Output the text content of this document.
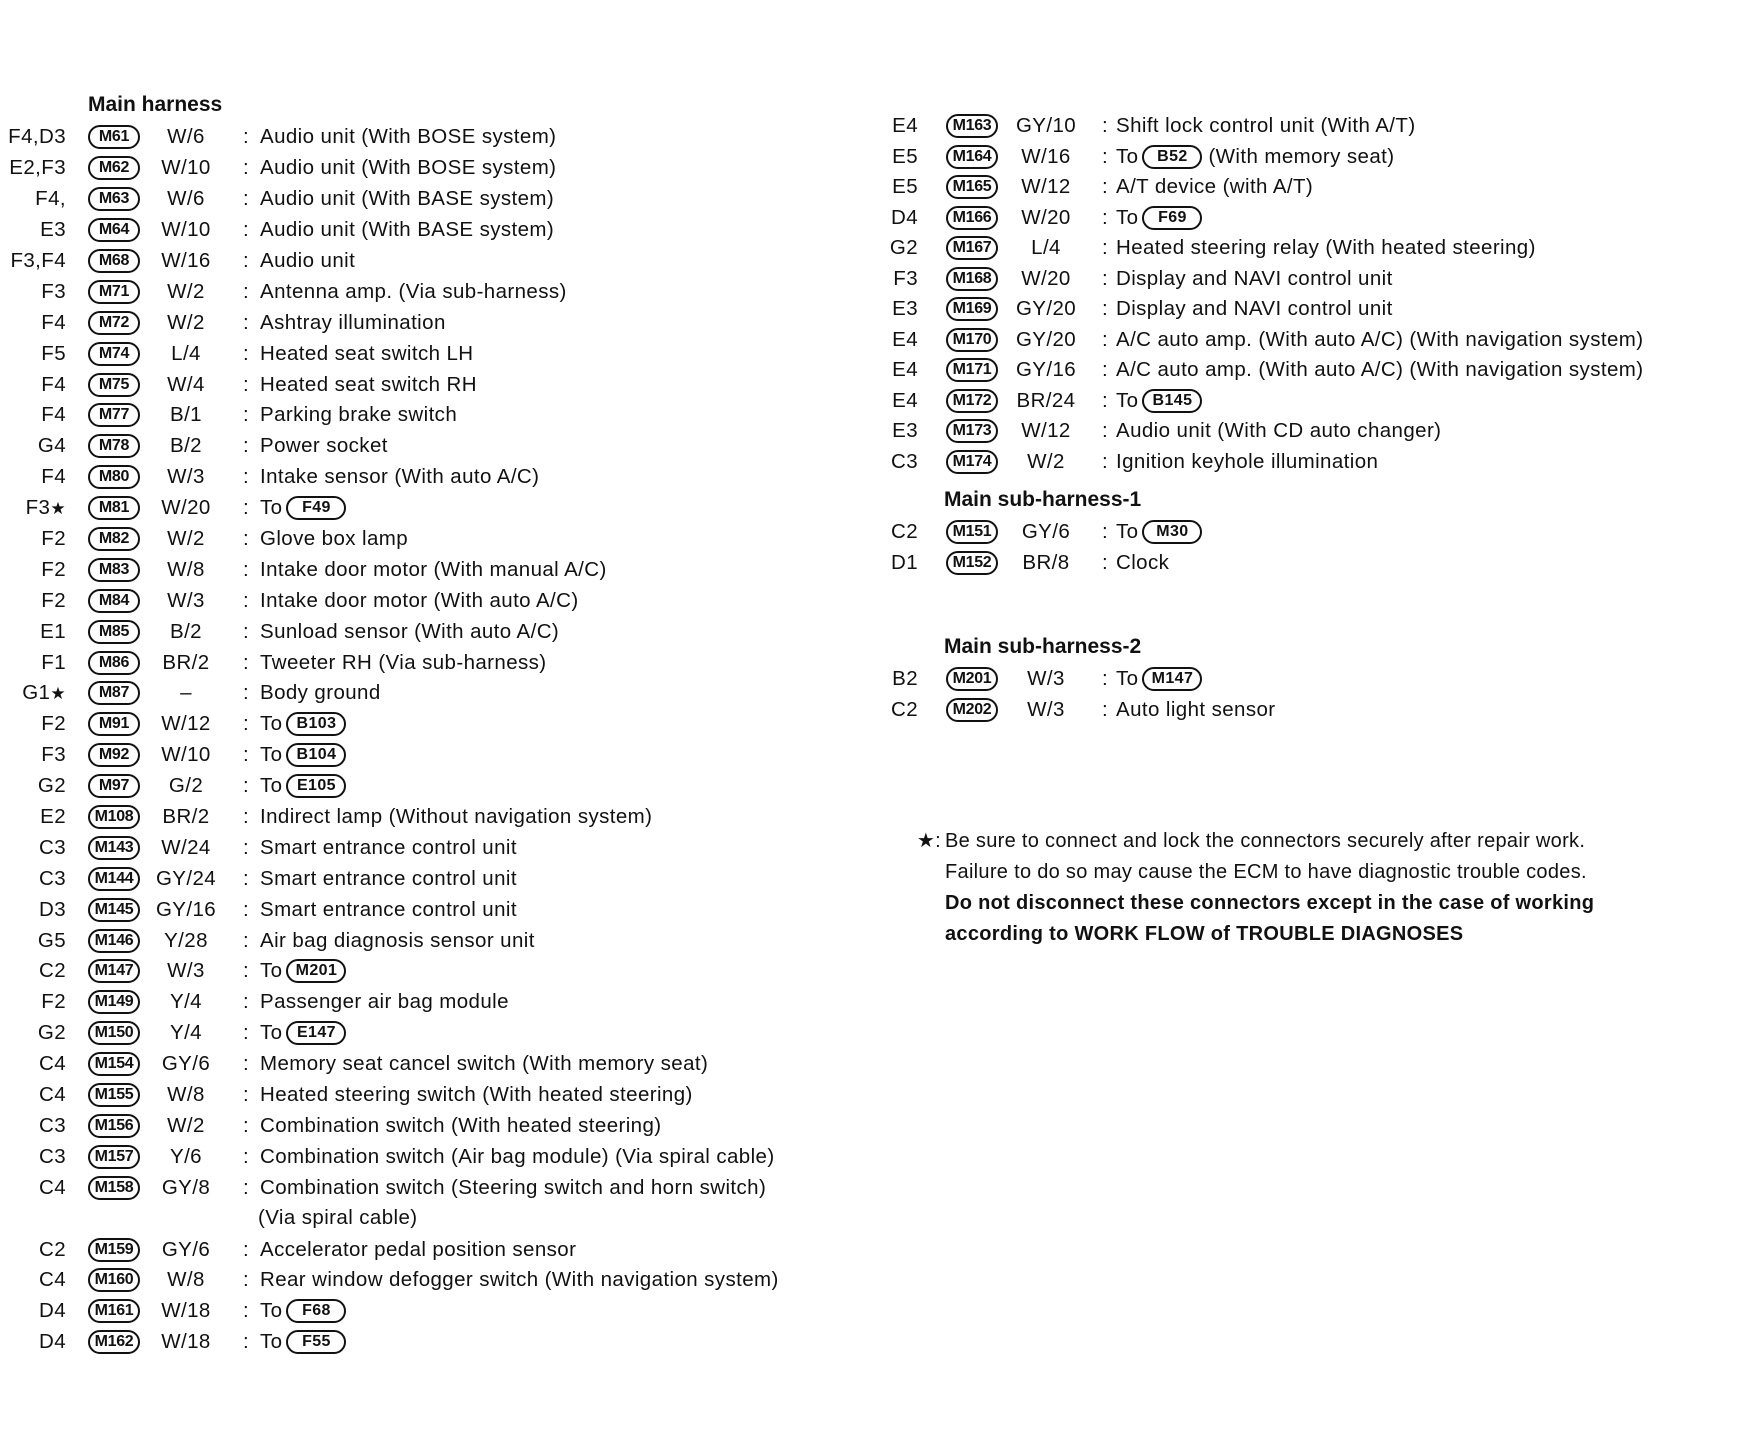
Main harness
F4,D3	M61	W/6	: Audio unit (With BOSE system)
E2,F3	M62	W/10	: Audio unit (With BOSE system)
F4,	M63	W/6	: Audio unit (With BASE system)
E3	M64	W/10	: Audio unit (With BASE system)
F3,F4	M68	W/16	: Audio unit
F3	M71	W/2	: Antenna amp. (Via sub-harness)
F4	M72	W/2	: Ashtray illumination
F5	M74	L/4	: Heated seat switch LH
F4	M75	W/4	: Heated seat switch RH
F4	M77	B/1	: Parking brake switch
G4	M78	B/2	: Power socket
F4	M80	W/3	: Intake sensor (With auto A/C)
F3★	M81	W/20	: To	F49
F2	M82	W/2	: Glove box lamp
F2	M83	W/8	: Intake door motor (With manual A/C)
F2	M84	W/3	: Intake door motor (With auto A/C)
E1	M85	B/2	: Sunload sensor (With auto A/C)
F1	M86	BR/2	: Tweeter RH (Via sub-harness)
G1★	M87	–	: Body ground
F2	M91	W/12	: To B103
F3	M92	W/10	: To B104
G2	M97	G/2	: To E105
E2	M108	BR/2	: Indirect lamp (Without navigation system)
C3	M143	W/24	: Smart entrance control unit
C3	M144	GY/24	: Smart entrance control unit
D3	M145	GY/16	: Smart entrance control unit
G5	M146	Y/28	: Air bag diagnosis sensor unit
C2	M147	W/3	: To M201
F2	M149	Y/4	: Passenger air bag module
G2	M150	Y/4	: To E147
C4	M154	GY/6	: Memory seat cancel switch (With memory seat)
C4	M155	W/8	: Heated steering switch (With heated steering)
C3	M156	W/2	: Combination switch (With heated steering)
C3	M157	Y/6	: Combination switch (Air bag module) (Via spiral cable)
C4	M158	GY/8	: Combination switch (Steering switch and horn switch)
(Via spiral cable)
C2	M159	GY/6	: Accelerator pedal position sensor
C4	M160	W/8	: Rear window defogger switch (With navigation system)
D4	M161	W/18	: To	F68
D4	M162	W/18	: To	F55
E4	M163	GY/10	: Shift lock control unit (With A/T)
E5	M164	W/16	: To	B52	(With memory seat)
E5	M165	W/12	: A/T device (with A/T)
D4	M166	W/20	: To	F69
G2	M167	L/4	: Heated steering relay (With heated steering)
F3	M168	W/20	: Display and NAVI control unit
E3	M169	GY/20	: Display and NAVI control unit
E4	M170	GY/20	: A/C auto amp. (With auto A/C) (With navigation system)
E4	M171	GY/16	: A/C auto amp. (With auto A/C) (With navigation system)
E4	M172	BR/24	: To B145
E3	M173	W/12	: Audio unit (With CD auto changer)
C3	M174	W/2	: Ignition keyhole illumination
Main sub-harness-1
C2	M151	GY/6	: To	M30
D1	M152	BR/8	: Clock
Main sub-harness-2
B2	M201	W/3	: To M147
C2	M202	W/3	: Auto light sensor
★: Be sure to connect and lock the connectors securely after repair work.
Failure to do so may cause the ECM to have diagnostic trouble codes.
Do not disconnect these connectors except in the case of working
according to WORK FLOW of TROUBLE DIAGNOSES
